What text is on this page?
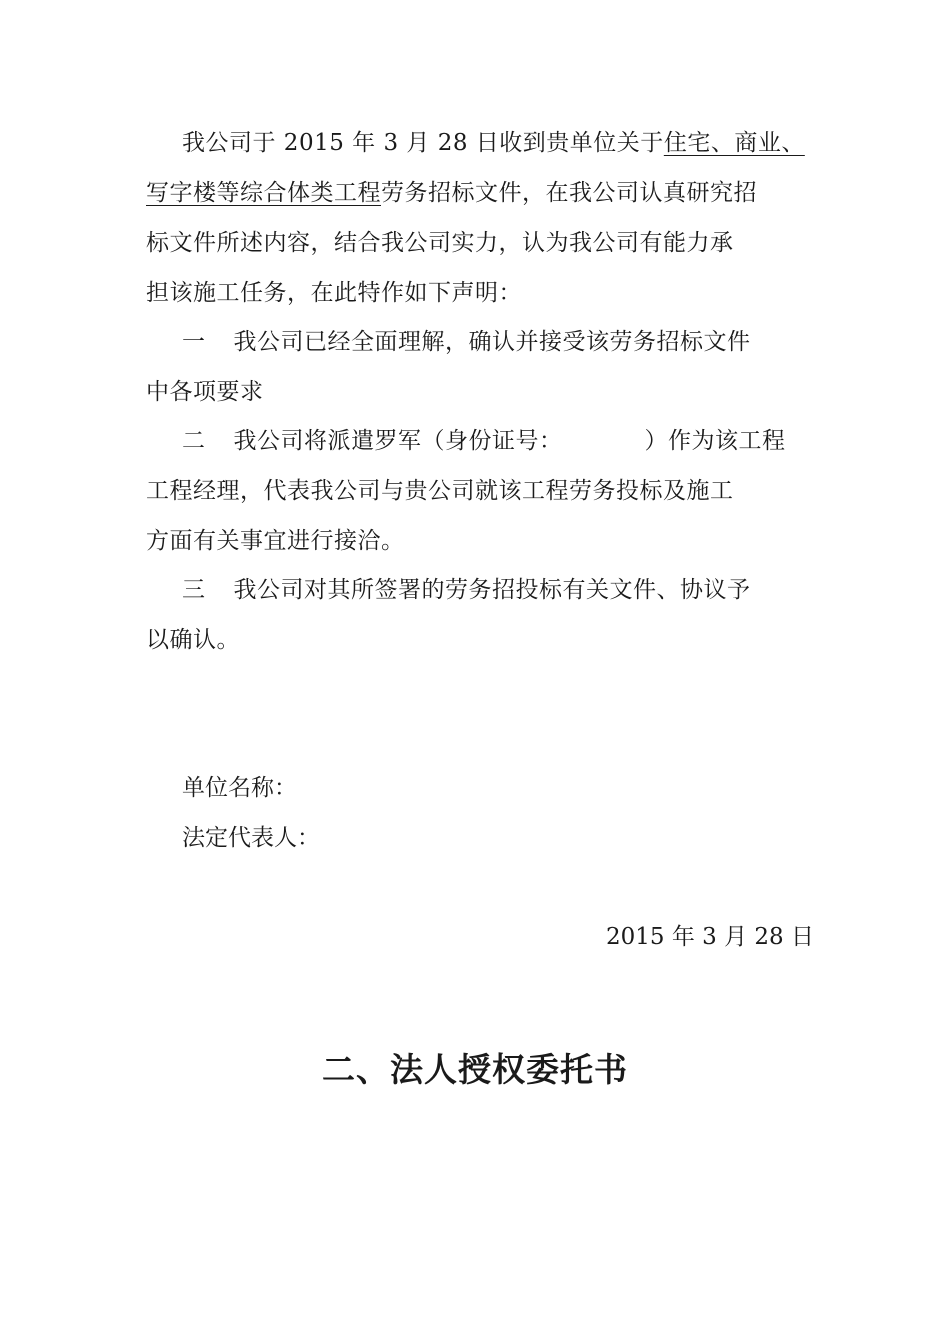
我公司于 2015 年 3 月 28 日收到贵单位关于住宅、商业、
写字楼等综合体类工程劳务招标文件，在我公司认真研究招
标文件所述内容，结合我公司实力，认为我公司有能力承
担该施工任务，在此特作如下声明：
一 我公司已经全面理解，确认并接受该劳务招标文件
中各项要求
二 我公司将派遣罗军（身份证号：	）作为该工程
工程经理，代表我公司与贵公司就该工程劳务投标及施工
方面有关事宜进行接洽。
三 我公司对其所签署的劳务招投标有关文件、协议予
以确认。
单位名称：
法定代表人：
2015 年 3 月 28 日
二、法人授权委托书
